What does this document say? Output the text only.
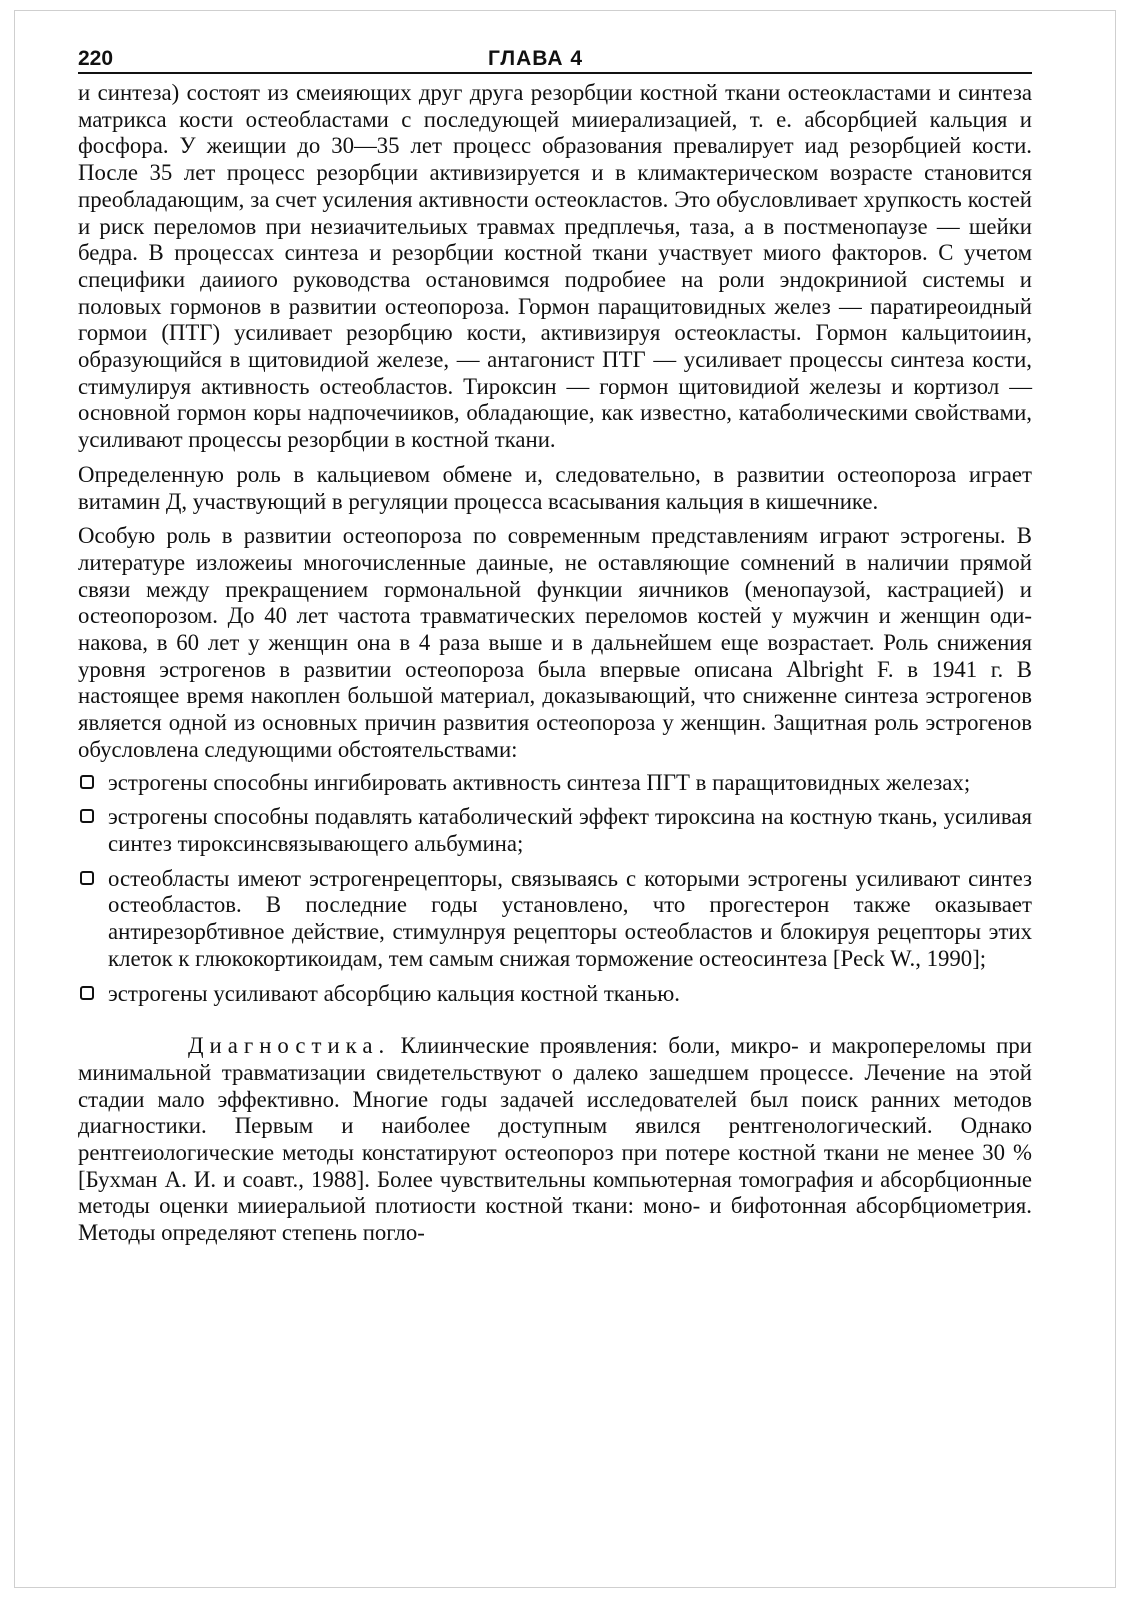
220	ГЛАВА 4

и синтеза) состоят из смеияющих друг друга резорбции костной ткани остеокластами и синтеза матрикса кости остеобластами с последующей мииерализацией, т. е. абсорбцией кальция и фосфора. У жеищии до 30—35 лет процесс образования превалирует иад резорбцией кости. После 35 лет процесс резорбции активизируется и в климактерическом возрасте становится преобладающим, за счет усиления активности остеокластов. Это обусловливает хрупкость костей и риск переломов при незиачительиых травмах предплечья, таза, а в постменопаузе — шейки бедра. В процессах синтеза и резорбции костной ткани участвует миого факторов. С учетом специфики даииого руководства остановимся подробиее на роли эндокриниой системы и половых гормонов в развитии остеопороза. Гормон паращитовидных желез — паратиреоидный гормои (ПТГ) усиливает резорбцию кости, активизируя остеокласты. Гормон кальцитоиин, образующийся в щитовидиой железе, — антагонист ПТГ — усиливает процессы синтеза кости, стимулируя активность остеобластов. Тироксин — гормон щитовидиой железы и кортизол — основной гормон коры надпочечииков, обладающие, как известно, катаболическими свойствами, усиливают процессы резорбции в костной ткани.

Определенную роль в кальциевом обмене и, следовательно, в развитии остеопороза играет витамин Д, участвующий в регуляции процесса всасывания кальция в кишечнике.

Особую роль в развитии остеопороза по современным представлениям играют эстрогены. В литературе изложеиы многочисленные даиные, не оставляющие сомнений в наличии прямой связи между прекращением гормональной функции яичников (менопаузой, кастрацией) и остеопорозом. До 40 лет частота травматических переломов костей у мужчин и женщин одинакова, в 60 лет у женщин она в 4 раза выше и в дальнейшем еще возрастает. Роль снижения уровня эстрогенов в развитии остеопороза была впервые описана Albright F. в 1941 г. В настоящее время накоплен большой материал, доказывающий, что сниженне синтеза эстрогенов является одной из основных причин развития остеопороза у женщин. Защитная роль эстрогенов обусловлена следующими обстоятельствами:

эстрогены способны ингибировать активность синтеза ПГТ в паращитовидных железах;
эстрогены способны подавлять катаболический эффект тироксина на костную ткань, усиливая синтез тироксинсвязывающего альбумина;
остеобласты имеют эстрогенрецепторы, связываясь с которыми эстрогены усиливают синтез остеобластов. В последние годы установлено, что прогестерон также оказывает антирезорбтивное действие, стимулнруя рецепторы остеобластов и блокируя рецепторы этих клеток к глюкокортикоидам, тем самым снижая торможение остеосинтеза [Peck W., 1990];
эстрогены усиливают абсорбцию кальция костной тканью.

Диагностика. Клиинческие проявления: боли, микро- и макропереломы при минимальной травматизации свидетельствуют о далеко зашедшем процессе. Лечение на этой стадии мало эффективно. Многие годы задачей исследователей был поиск ранних методов диагностики. Первым и наиболее доступным явился рентгенологический. Однако рентгеиологические методы констатируют остеопороз при потере костной ткани не менее 30 % [Бухман А. И. и соавт., 1988]. Более чувствительны компьютерная томография и абсорбционные методы оценки мииеральиой плотиости костной ткани: моно- и бифотонная абсорбциометрия. Методы определяют степень погло-
